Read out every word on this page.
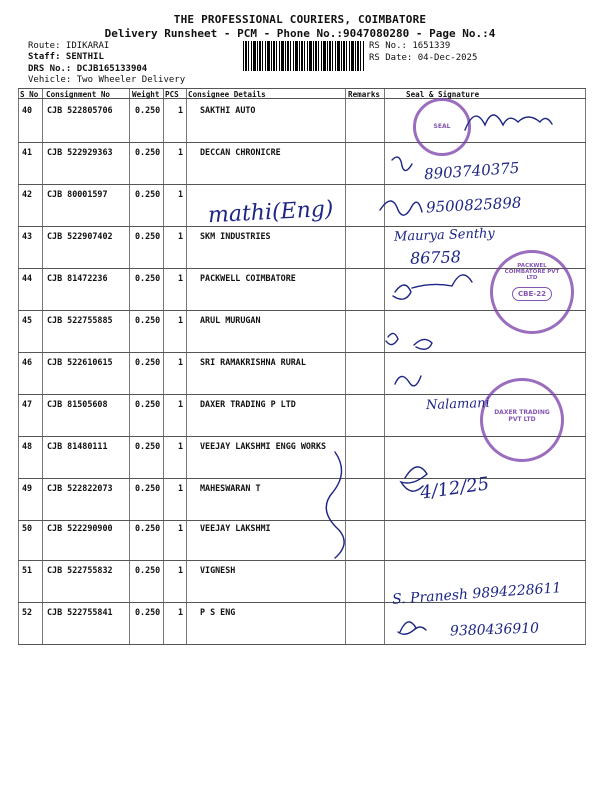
THE PROFESSIONAL COURIERS, COIMBATORE
Delivery Runsheet - PCM - Phone No.:9047080280 - Page No.:4
Route: IDIKARAI
Staff: SENTHIL
DRS No.: DCJB165133904
Vehicle: Two Wheeler Delivery
RS No.: 1651339
RS Date: 04-Dec-2025
S No Consignment No	Weight PCS Consignee Details	Remarks	Seal & Signature
40 CJB 522805706	0.250 1 SAKTHI AUTO
41 CJB 522929363	0.250 1 DECCAN CHRONICRE
42 CJB 80001597	0.250 1
43 CJB 522907402	0.250 1 SKM INDUSTRIES
44 CJB 81472236	0.250 1 PACKWELL COIMBATORE
45 CJB 522755885	0.250 1 ARUL MURUGAN
46 CJB 522610615	0.250 1 SRI RAMAKRISHNA RURAL
47 CJB 81505608	0.250 1 DAXER TRADING P LTD
48 CJB 81480111	0.250 1 VEEJAY LAKSHMI ENGG WORKS
49 CJB 522822073	0.250 1 MAHESWARAN T
50 CJB 522290900	0.250 1 VEEJAY LAKSHMI
51 CJB 522755832	0.250 1 VIGNESH
52 CJB 522755841	0.250 1 P S ENG
SEAL
PACKWEL COIMBATORE PVT LTD
CBE-22
DAXER TRADING PVT LTD
8903740375
mathi(Eng)	9500825898
Maurya Senthy
86758
Nalamani
4/12/25
S. Pranesh 9894228611
9380436910
